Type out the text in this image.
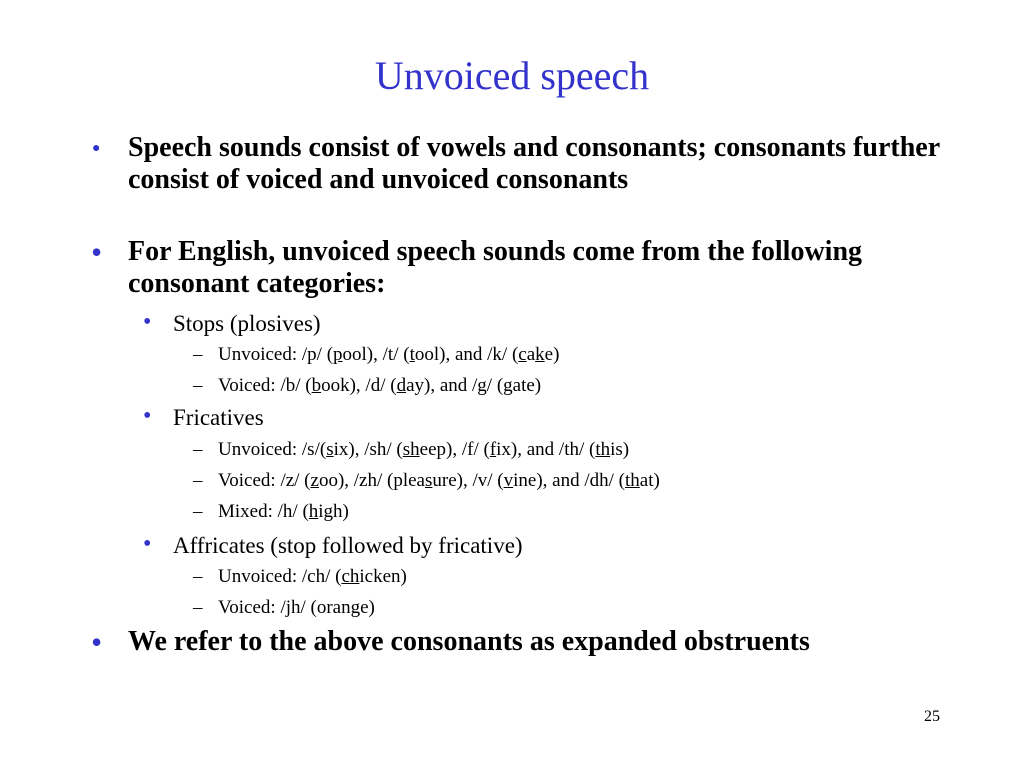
Unvoiced speech
● Speech sounds consist of vowels and consonants; consonants further consist of voiced and unvoiced consonants
• For English, unvoiced speech sounds come from the following consonant categories:
• Stops (plosives)
– Unvoiced: /p/ (pool), /t/ (tool), and /k/ (cake)
– Voiced: /b/ (book), /d/ (day), and /g/ (gate)
• Fricatives
– Unvoiced: /s/(six), /sh/ (sheep), /f/ (fix), and /th/ (this)
– Voiced: /z/ (zoo), /zh/ (pleasure), /v/ (vine), and /dh/ (that)
– Mixed: /h/ (high)
• Affricates (stop followed by fricative)
– Unvoiced: /ch/ (chicken)
– Voiced: /jh/ (orange)
• We refer to the above consonants as expanded obstruents
25
